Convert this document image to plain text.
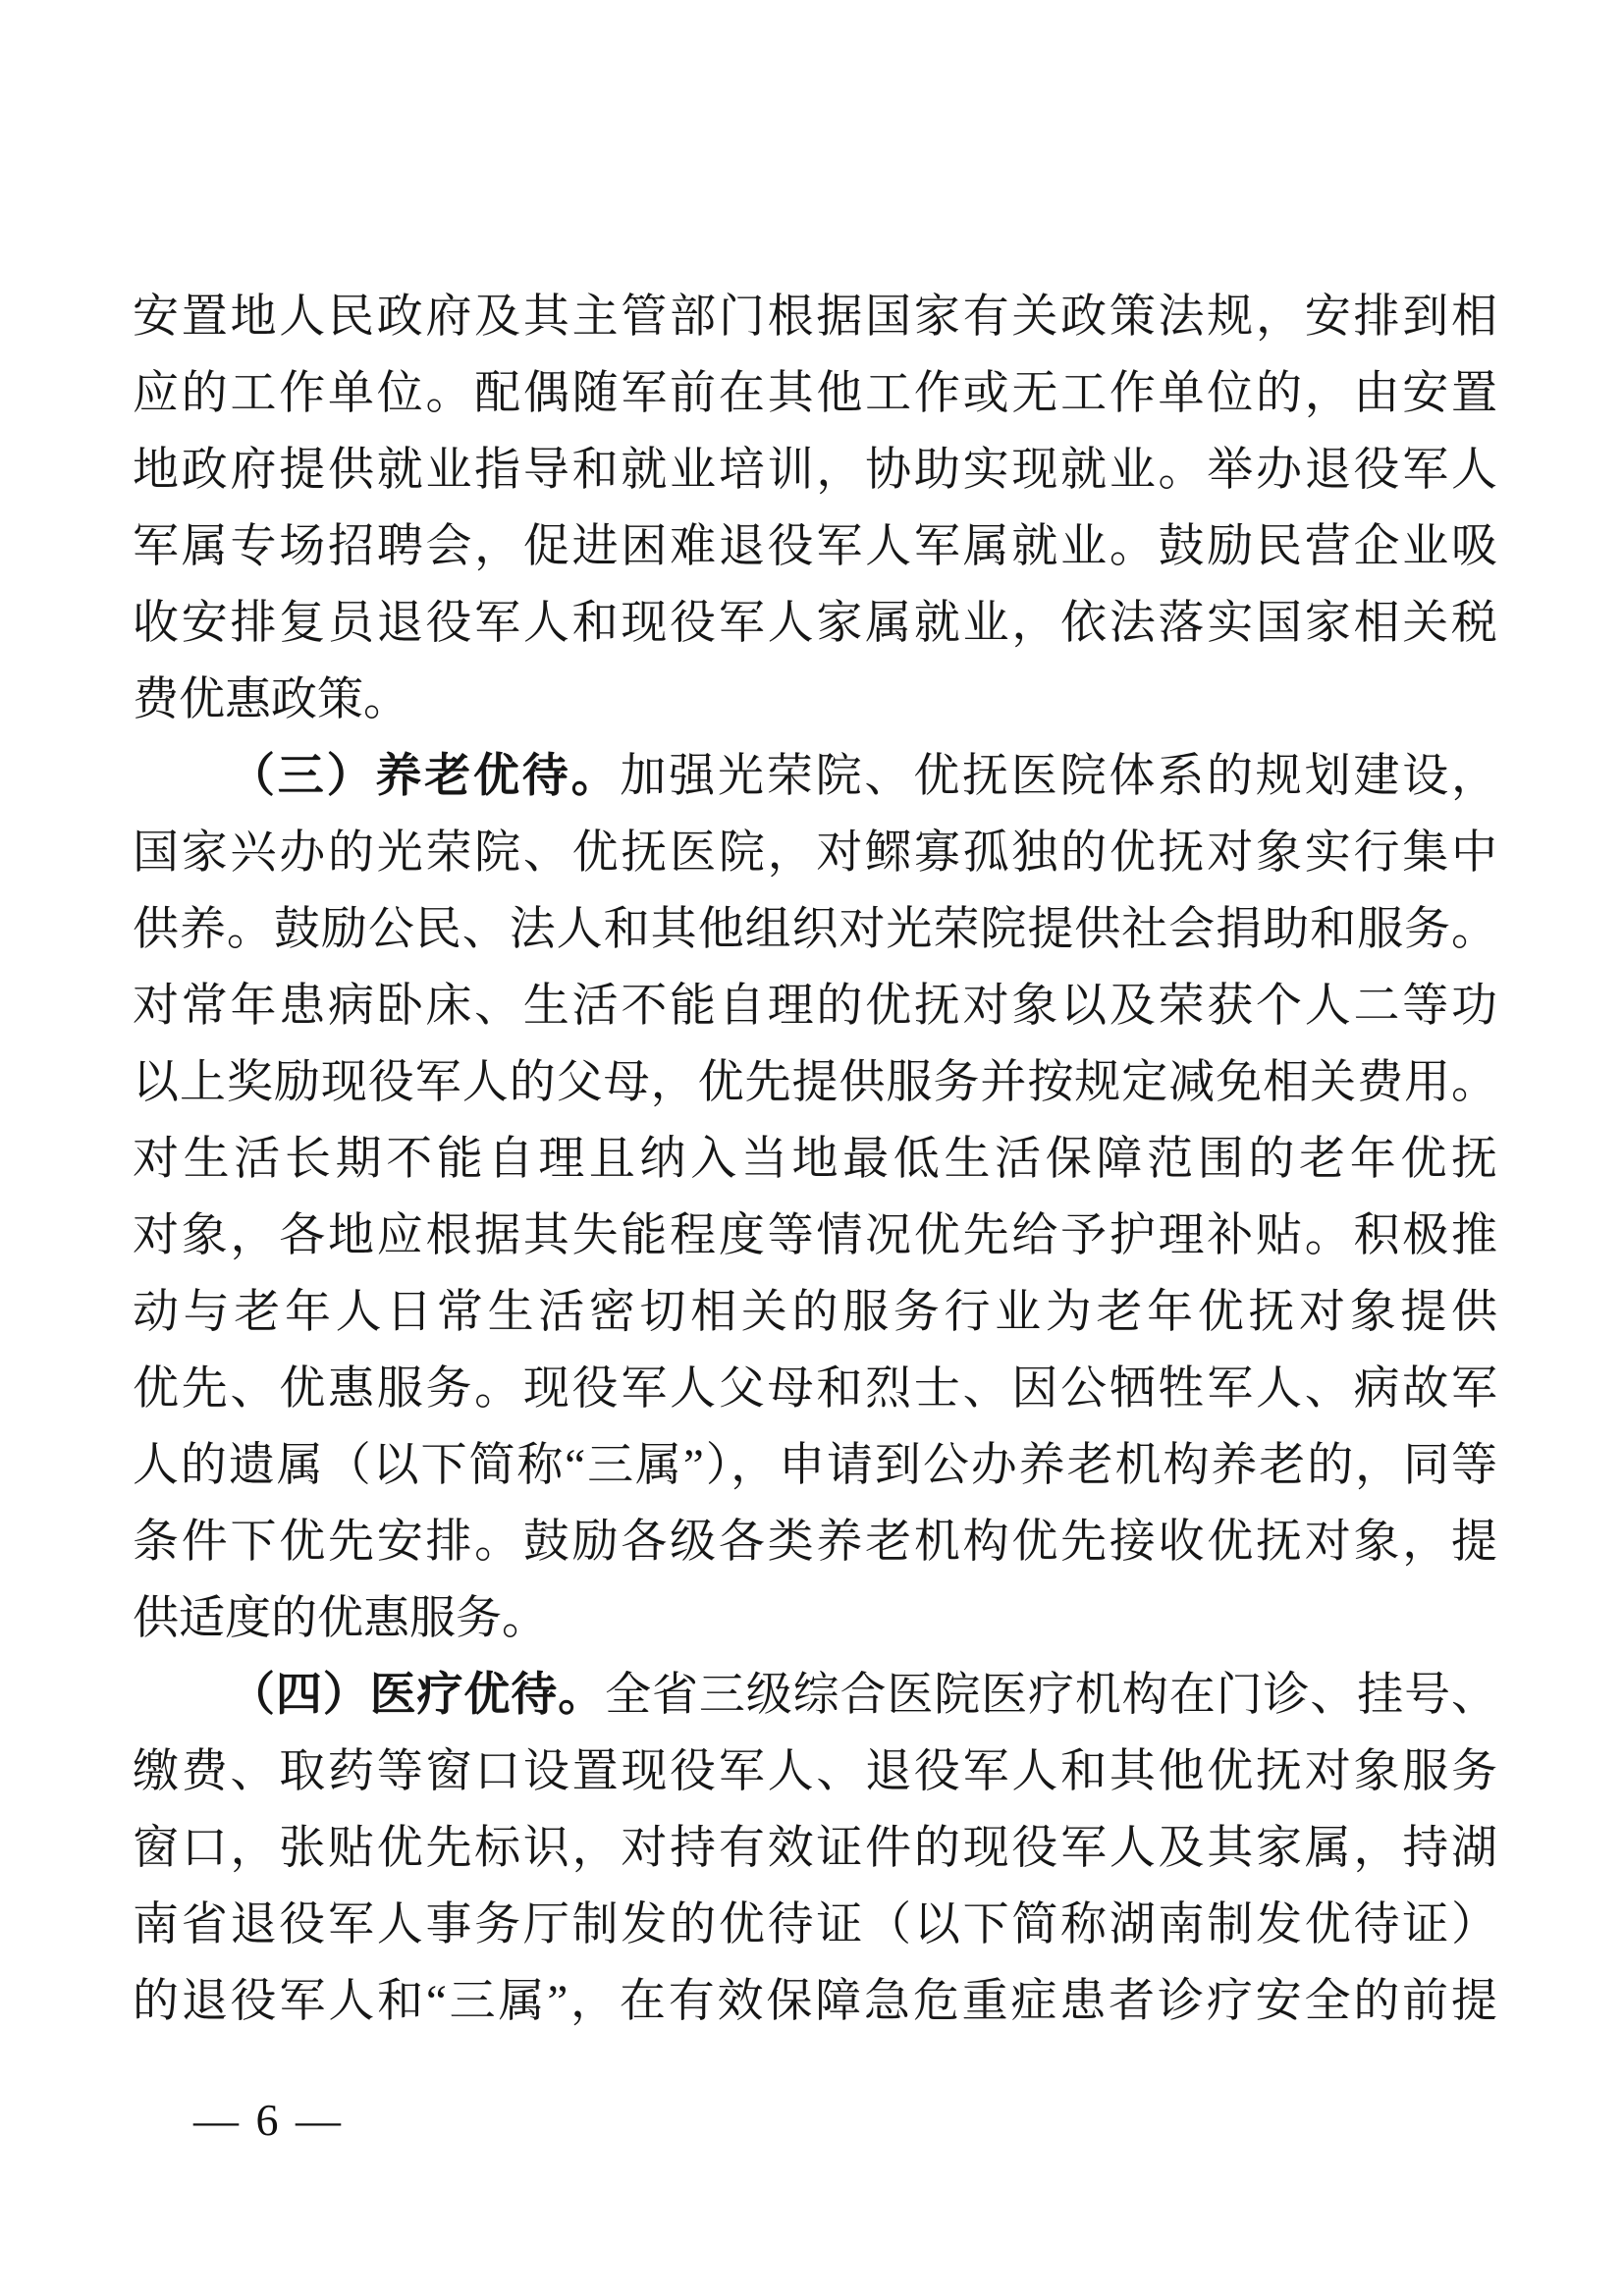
安置地人民政府及其主管部门根据国家有关政策法规，安排到相
应的工作单位。配偶随军前在其他工作或无工作单位的，由安置
地政府提供就业指导和就业培训，协助实现就业。举办退役军人
军属专场招聘会，促进困难退役军人军属就业。鼓励民营企业吸
收安排复员退役军人和现役军人家属就业，依法落实国家相关税
费优惠政策。
（三）养老优待。加强光荣院、优抚医院体系的规划建设，
国家兴办的光荣院、优抚医院，对鳏寡孤独的优抚对象实行集中
供养。鼓励公民、法人和其他组织对光荣院提供社会捐助和服务。
对常年患病卧床、生活不能自理的优抚对象以及荣获个人二等功
以上奖励现役军人的父母，优先提供服务并按规定减免相关费用。
对生活长期不能自理且纳入当地最低生活保障范围的老年优抚
对象，各地应根据其失能程度等情况优先给予护理补贴。积极推
动与老年人日常生活密切相关的服务行业为老年优抚对象提供
优先、优惠服务。现役军人父母和烈士、因公牺牲军人、病故军
人的遗属（以下简称“三属”），申请到公办养老机构养老的，同等
条件下优先安排。鼓励各级各类养老机构优先接收优抚对象，提
供适度的优惠服务。
（四）医疗优待。全省三级综合医院医疗机构在门诊、挂号、
缴费、取药等窗口设置现役军人、退役军人和其他优抚对象服务
窗口，张贴优先标识，对持有效证件的现役军人及其家属，持湖
南省退役军人事务厅制发的优待证（以下简称湖南制发优待证）
的退役军人和“三属”，在有效保障急危重症患者诊疗安全的前提
— 6 —
